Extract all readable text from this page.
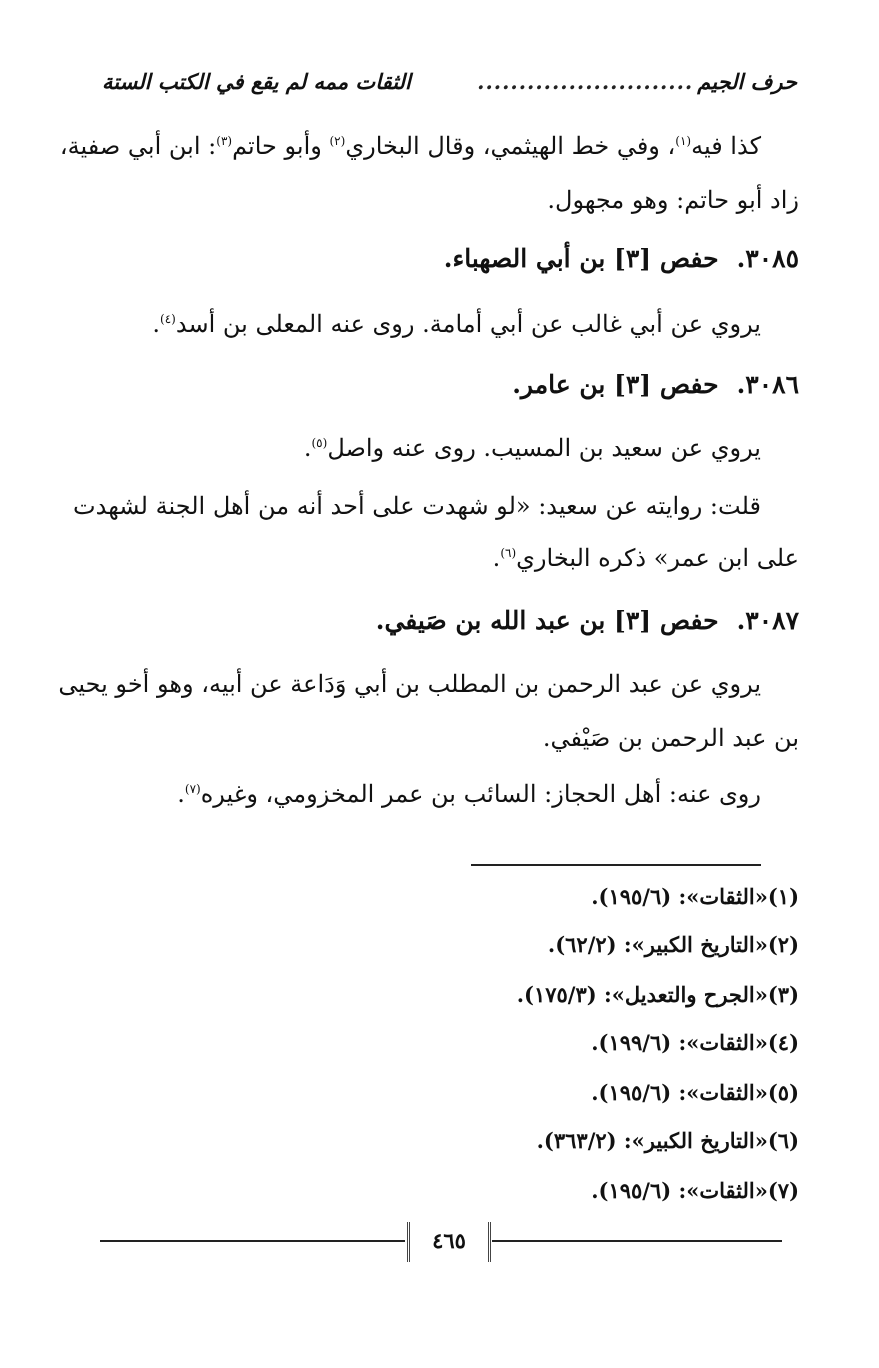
حرف الجيم
..........................
الثقات ممه لم يقع في الكتب الستة
كذا فيه$^{(١)}$، وفي خط الهيثمي، وقال البخاري$^{(٢)}$ وأبو حاتم$^{(٣)}$: ابن أبي صفية،
زاد أبو حاتم: وهو مجهول.
٣٠٨٥.حفص [٣] بن أبي الصهباء.
يروي عن أبي غالب عن أبي أمامة. روى عنه المعلى بن أسد$^{(٤)}$.
٣٠٨٦.حفص [٣] بن عامر.
يروي عن سعيد بن المسيب. روى عنه واصل$^{(٥)}$.
قلت: روايته عن سعيد: «لو شهدت على أحد أنه من أهل الجنة لشهدت
على ابن عمر» ذكره البخاري$^{(٦)}$.
٣٠٨٧.حفص [٣] بن عبد الله بن صَيفي.
يروي عن عبد الرحمن بن المطلب بن أبي وَدَاعة عن أبيه، وهو أخو يحيى
بن عبد الرحمن بن صَيْفي.
روى عنه: أهل الحجاز: السائب بن عمر المخزومي، وغيره$^{(٧)}$.
(١)«الثقات»: (١٩٥/٦).
(٢)«التاريخ الكبير»: (٦٢/٢).
(٣)«الجرح والتعديل»: (١٧٥/٣).
(٤)«الثقات»: (١٩٩/٦).
(٥)«الثقات»: (١٩٥/٦).
(٦)«التاريخ الكبير»: (٣٦٣/٢).
(٧)«الثقات»: (١٩٥/٦).
٤٦٥
